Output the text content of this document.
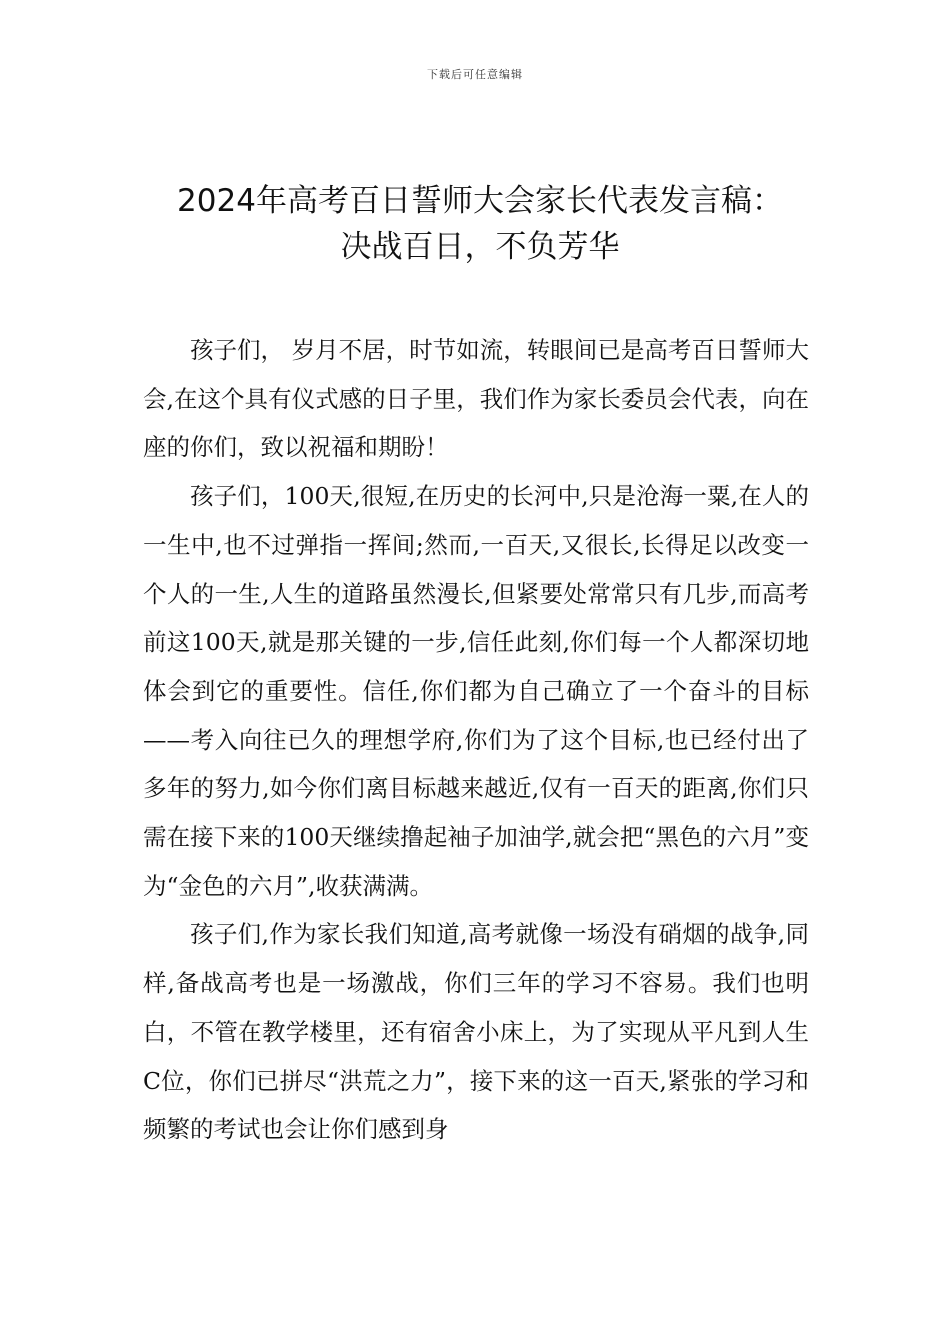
下载后可任意编辑
2024年高考百日誓师大会家长代表发言稿：
决战百日，不负芳华

孩子们， 岁月不居，时节如流，转眼间已是高考百日誓师大会,在这个具有仪式感的日子里，我们作为家长委员会代表，向在座的你们，致以祝福和期盼！

孩子们，100天,很短,在历史的长河中,只是沧海一粟,在人的一生中,也不过弹指一挥间;然而,一百天,又很长,长得足以改变一个人的一生,人生的道路虽然漫长,但紧要处常常只有几步,而高考前这100天,就是那关键的一步,信任此刻,你们每一个人都深切地体会到它的重要性。信任,你们都为自己确立了一个奋斗的目标——考入向往已久的理想学府,你们为了这个目标,也已经付出了多年的努力,如今你们离目标越来越近,仅有一百天的距离,你们只需在接下来的100天继续撸起袖子加油学,就会把“黑色的六月”变为“金色的六月”,收获满满。

孩子们,作为家长我们知道,高考就像一场没有硝烟的战争,同样,备战高考也是一场激战，你们三年的学习不容易。我们也明白，不管在教学楼里，还有宿舍小床上，为了实现从平凡到人生C位，你们已拼尽“洪荒之力”，接下来的这一百天,紧张的学习和频繁的考试也会让你们感到身
